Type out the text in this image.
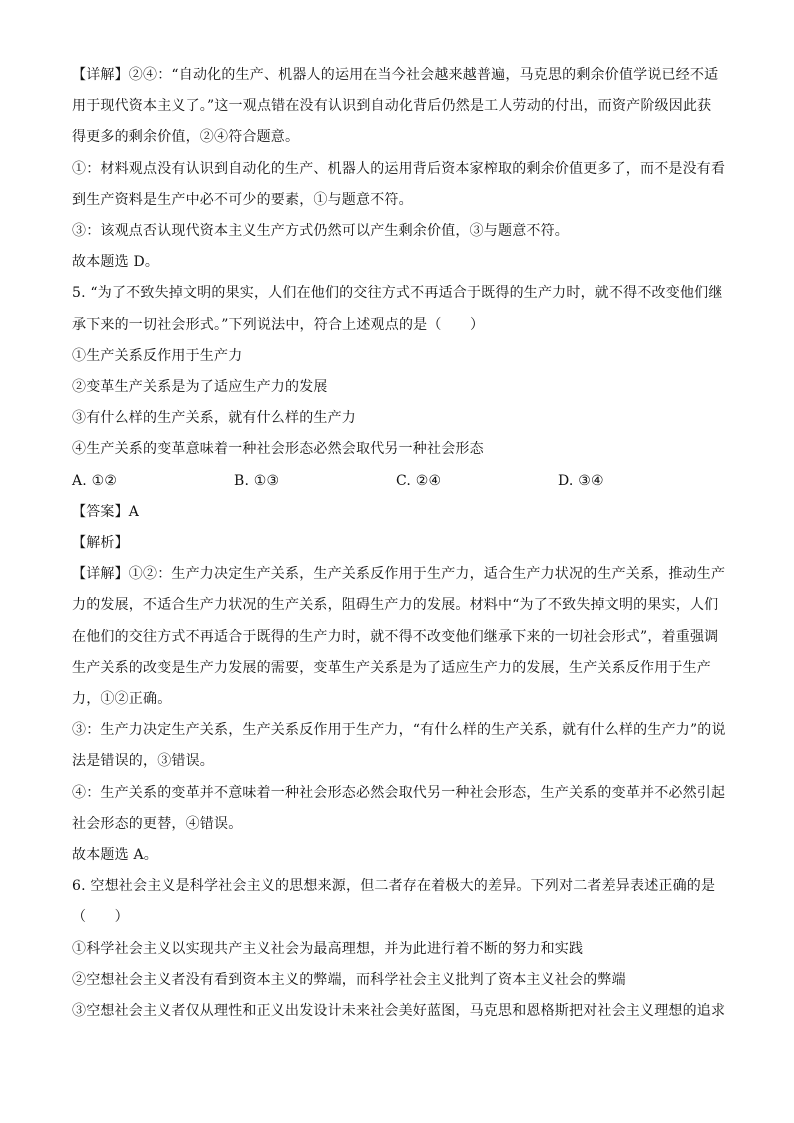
【详解】②④：“自动化的生产、机器人的运用在当今社会越来越普遍，马克思的剩余价值学说已经不适
用于现代资本主义了。”这一观点错在没有认识到自动化背后仍然是工人劳动的付出，而资产阶级因此获
得更多的剩余价值，②④符合题意。
①：材料观点没有认识到自动化的生产、机器人的运用背后资本家榨取的剩余价值更多了，而不是没有看
到生产资料是生产中必不可少的要素，①与题意不符。
③：该观点否认现代资本主义生产方式仍然可以产生剩余价值，③与题意不符。
故本题选 D。
5. “为了不致失掉文明的果实，人们在他们的交往方式不再适合于既得的生产力时，就不得不改变他们继
承下来的一切社会形式。”下列说法中，符合上述观点的是（　　）
①生产关系反作用于生产力
②变革生产关系是为了适应生产力的发展
③有什么样的生产关系，就有什么样的生产力
④生产关系的变革意味着一种社会形态必然会取代另一种社会形态
A. ①②	B. ①③	C. ②④	D. ③④
【答案】A
【解析】
【详解】①②：生产力决定生产关系，生产关系反作用于生产力，适合生产力状况的生产关系，推动生产
力的发展，不适合生产力状况的生产关系，阻碍生产力的发展。材料中“为了不致失掉文明的果实，人们
在他们的交往方式不再适合于既得的生产力时，就不得不改变他们继承下来的一切社会形式”，着重强调
生产关系的改变是生产力发展的需要，变革生产关系是为了适应生产力的发展，生产关系反作用于生产
力，①②正确。
③：生产力决定生产关系，生产关系反作用于生产力，“有什么样的生产关系，就有什么样的生产力”的说
法是错误的，③错误。
④：生产关系的变革并不意味着一种社会形态必然会取代另一种社会形态，生产关系的变革并不必然引起
社会形态的更替，④错误。
故本题选 A。
6. 空想社会主义是科学社会主义的思想来源，但二者存在着极大的差异。下列对二者差异表述正确的是
（　　）
①科学社会主义以实现共产主义社会为最高理想，并为此进行着不断的努力和实践
②空想社会主义者没有看到资本主义的弊端，而科学社会主义批判了资本主义社会的弊端
③空想社会主义者仅从理性和正义出发设计未来社会美好蓝图，马克思和恩格斯把对社会主义理想的追求
